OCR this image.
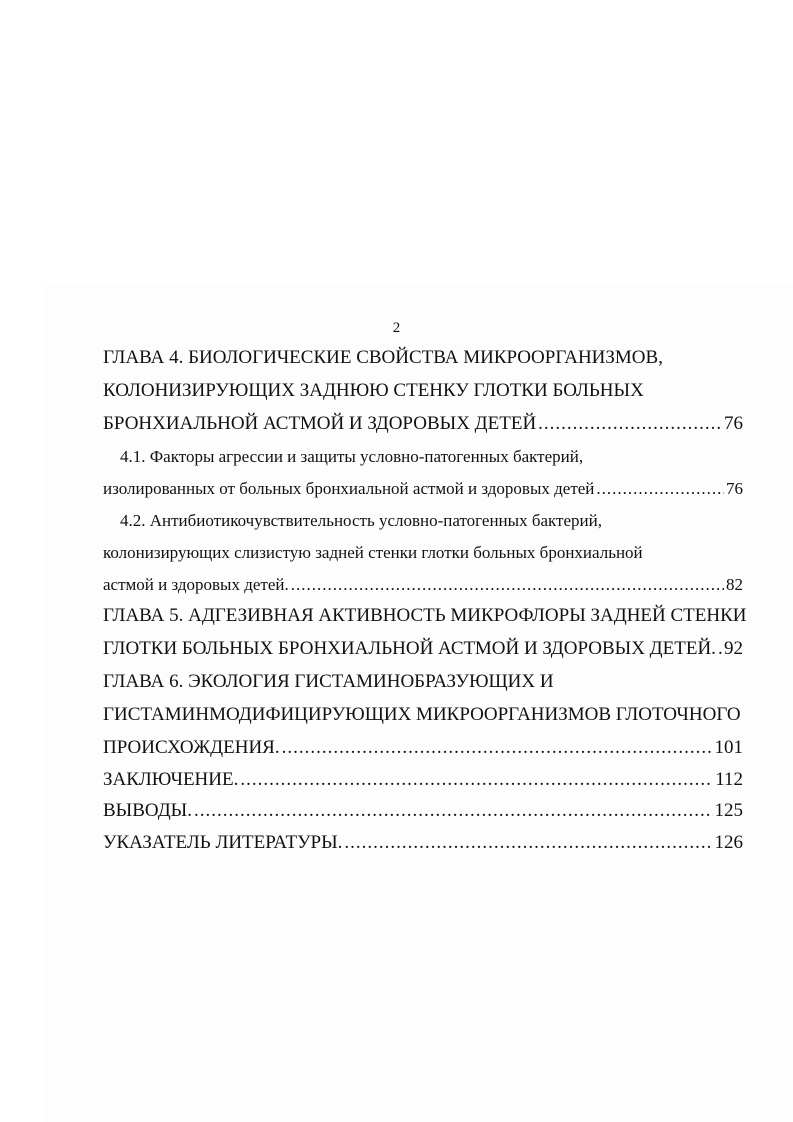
2
ГЛАВА 4. БИОЛОГИЧЕСКИЕ СВОЙСТВА МИКРООРГАНИЗМОВ,
КОЛОНИЗИРУЮЩИХ ЗАДНЮЮ СТЕНКУ ГЛОТКИ БОЛЬНЫХ
БРОНХИАЛЬНОЙ АСТМОЙ И ЗДОРОВЫХ ДЕТЕЙ .....	76
4.1. Факторы агрессии и защиты условно-патогенных бактерий,
изолированных от больных бронхиальной астмой и здоровых детей .....	76
4.2. Антибиотикочувствительность условно-патогенных бактерий,
колонизирующих слизистую задней стенки глотки больных бронхиальной
астмой и здоровых детей. .....	82
ГЛАВА 5. АДГЕЗИВНАЯ АКТИВНОСТЬ МИКРОФЛОРЫ ЗАДНЕЙ СТЕНКИ
ГЛОТКИ БОЛЬНЫХ БРОНХИАЛЬНОЙ АСТМОЙ И ЗДОРОВЫХ ДЕТЕЙ. ..... 92
ГЛАВА 6. ЭКОЛОГИЯ ГИСТАМИНОБРАЗУЮЩИХ И
ГИСТАМИНМОДИФИЦИРУЮЩИХ МИКРООРГАНИЗМОВ ГЛОТОЧНОГО
ПРОИСХОЖДЕНИЯ. .....	101
ЗАКЛЮЧЕНИЕ. .....	112
ВЫВОДЫ. .....	125
УКАЗАТЕЛЬ ЛИТЕРАТУРЫ. .....	126
